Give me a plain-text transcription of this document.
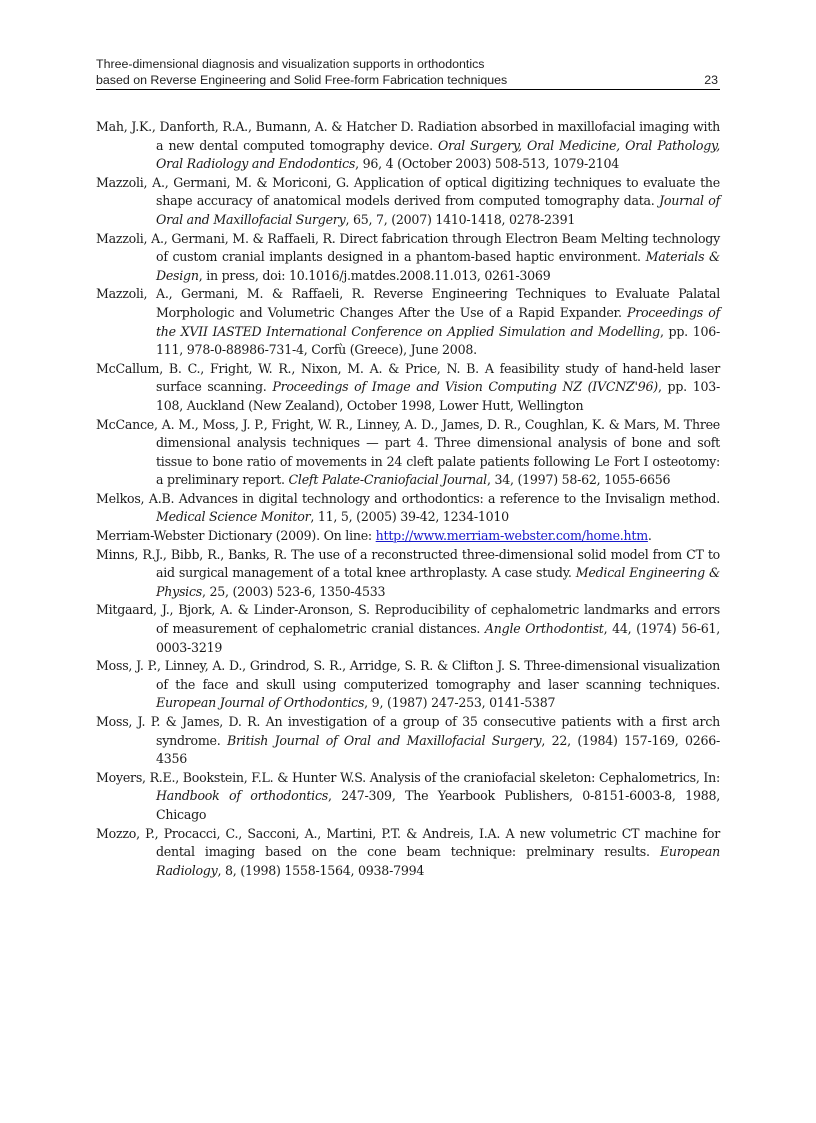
Three-dimensional diagnosis and visualization supports in orthodontics
based on Reverse Engineering and Solid Free-form Fabrication techniques	23

Mah, J.K., Danforth, R.A., Bumann, A. & Hatcher D. Radiation absorbed in maxillofacial imaging with a new dental computed tomography device. Oral Surgery, Oral Medicine, Oral Pathology, Oral Radiology and Endodontics, 96, 4 (October 2003) 508-513, 1079-2104

Mazzoli, A., Germani, M. & Moriconi, G. Application of optical digitizing techniques to evaluate the shape accuracy of anatomical models derived from computed tomography data. Journal of Oral and Maxillofacial Surgery, 65, 7, (2007) 1410-1418, 0278-2391

Mazzoli, A., Germani, M. & Raffaeli, R. Direct fabrication through Electron Beam Melting technology of custom cranial implants designed in a phantom-based haptic environment. Materials & Design, in press, doi: 10.1016/j.matdes.2008.11.013, 0261-3069

Mazzoli, A., Germani, M. & Raffaeli, R. Reverse Engineering Techniques to Evaluate Palatal Morphologic and Volumetric Changes After the Use of a Rapid Expander. Proceedings of the XVII IASTED International Conference on Applied Simulation and Modelling, pp. 106-111, 978-0-88986-731-4, Corfù (Greece), June 2008.

McCallum, B. C., Fright, W. R., Nixon, M. A. & Price, N. B. A feasibility study of hand-held laser surface scanning. Proceedings of Image and Vision Computing NZ (IVCNZ'96), pp. 103-108, Auckland (New Zealand), October 1998, Lower Hutt, Wellington

McCance, A. M., Moss, J. P., Fright, W. R., Linney, A. D., James, D. R., Coughlan, K. & Mars, M. Three dimensional analysis techniques — part 4. Three dimensional analysis of bone and soft tissue to bone ratio of movements in 24 cleft palate patients following Le Fort I osteotomy: a preliminary report. Cleft Palate-Craniofacial Journal, 34, (1997) 58-62, 1055-6656

Melkos, A.B. Advances in digital technology and orthodontics: a reference to the Invisalign method. Medical Science Monitor, 11, 5, (2005) 39-42, 1234-1010

Merriam-Webster Dictionary (2009). On line: http://www.merriam-webster.com/home.htm.

Minns, R.J., Bibb, R., Banks, R. The use of a reconstructed three-dimensional solid model from CT to aid surgical management of a total knee arthroplasty. A case study. Medical Engineering & Physics, 25, (2003) 523-6, 1350-4533

Mitgaard, J., Bjork, A. & Linder-Aronson, S. Reproducibility of cephalometric landmarks and errors of measurement of cephalometric cranial distances. Angle Orthodontist, 44, (1974) 56-61, 0003-3219

Moss, J. P., Linney, A. D., Grindrod, S. R., Arridge, S. R. & Clifton J. S. Three-dimensional visualization of the face and skull using computerized tomography and laser scanning techniques. European Journal of Orthodontics, 9, (1987) 247-253, 0141-5387

Moss, J. P. & James, D. R. An investigation of a group of 35 consecutive patients with a first arch syndrome. British Journal of Oral and Maxillofacial Surgery, 22, (1984) 157-169, 0266-4356

Moyers, R.E., Bookstein, F.L. & Hunter W.S. Analysis of the craniofacial skeleton: Cephalometrics, In: Handbook of orthodontics, 247-309, The Yearbook Publishers, 0-8151-6003-8, 1988, Chicago

Mozzo, P., Procacci, C., Sacconi, A., Martini, P.T. & Andreis, I.A. A new volumetric CT machine for dental imaging based on the cone beam technique: prelminary results. European Radiology, 8, (1998) 1558-1564, 0938-7994
